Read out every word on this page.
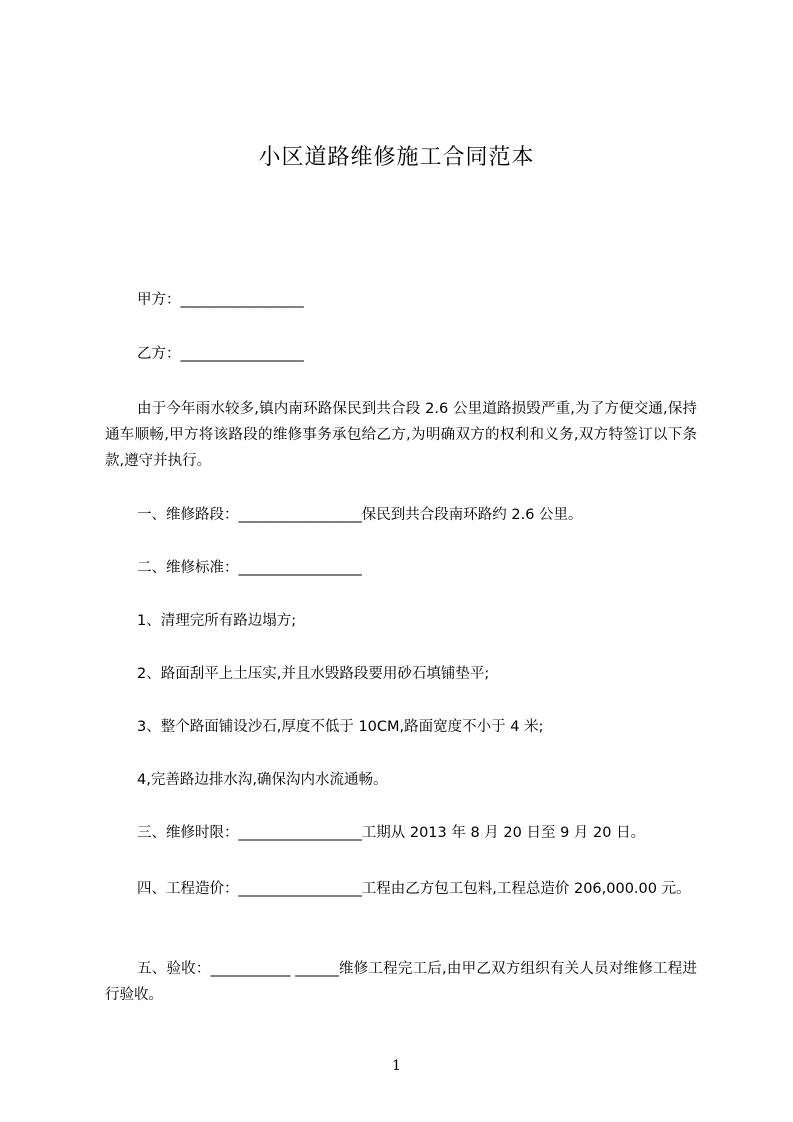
小区道路维修施工合同范本
甲方：_________________
乙方：_________________
由于今年雨水较多,镇内南环路保民到共合段 2.6 公里道路损毁严重,为了方便交通,保持通车顺畅,甲方将该路段的维修事务承包给乙方,为明确双方的权利和义务,双方特签订以下条款,遵守并执行。
一、维修路段：_________________保民到共合段南环路约 2.6 公里。
二、维修标准：_________________
1、清理完所有路边塌方;
2、路面刮平上土压实,并且水毁路段要用砂石填铺垫平;
3、整个路面铺设沙石,厚度不低于 10CM,路面宽度不小于 4 米;
4,完善路边排水沟,确保沟内水流通畅。
三、维修时限：_________________工期从 2013 年 8 月 20 日至 9 月 20 日。
四、工程造价：_________________工程由乙方包工包料,工程总造价 206,000.00 元。
五、验收：___________ ______维修工程完工后,由甲乙双方组织有关人员对维修工程进行验收。
1
